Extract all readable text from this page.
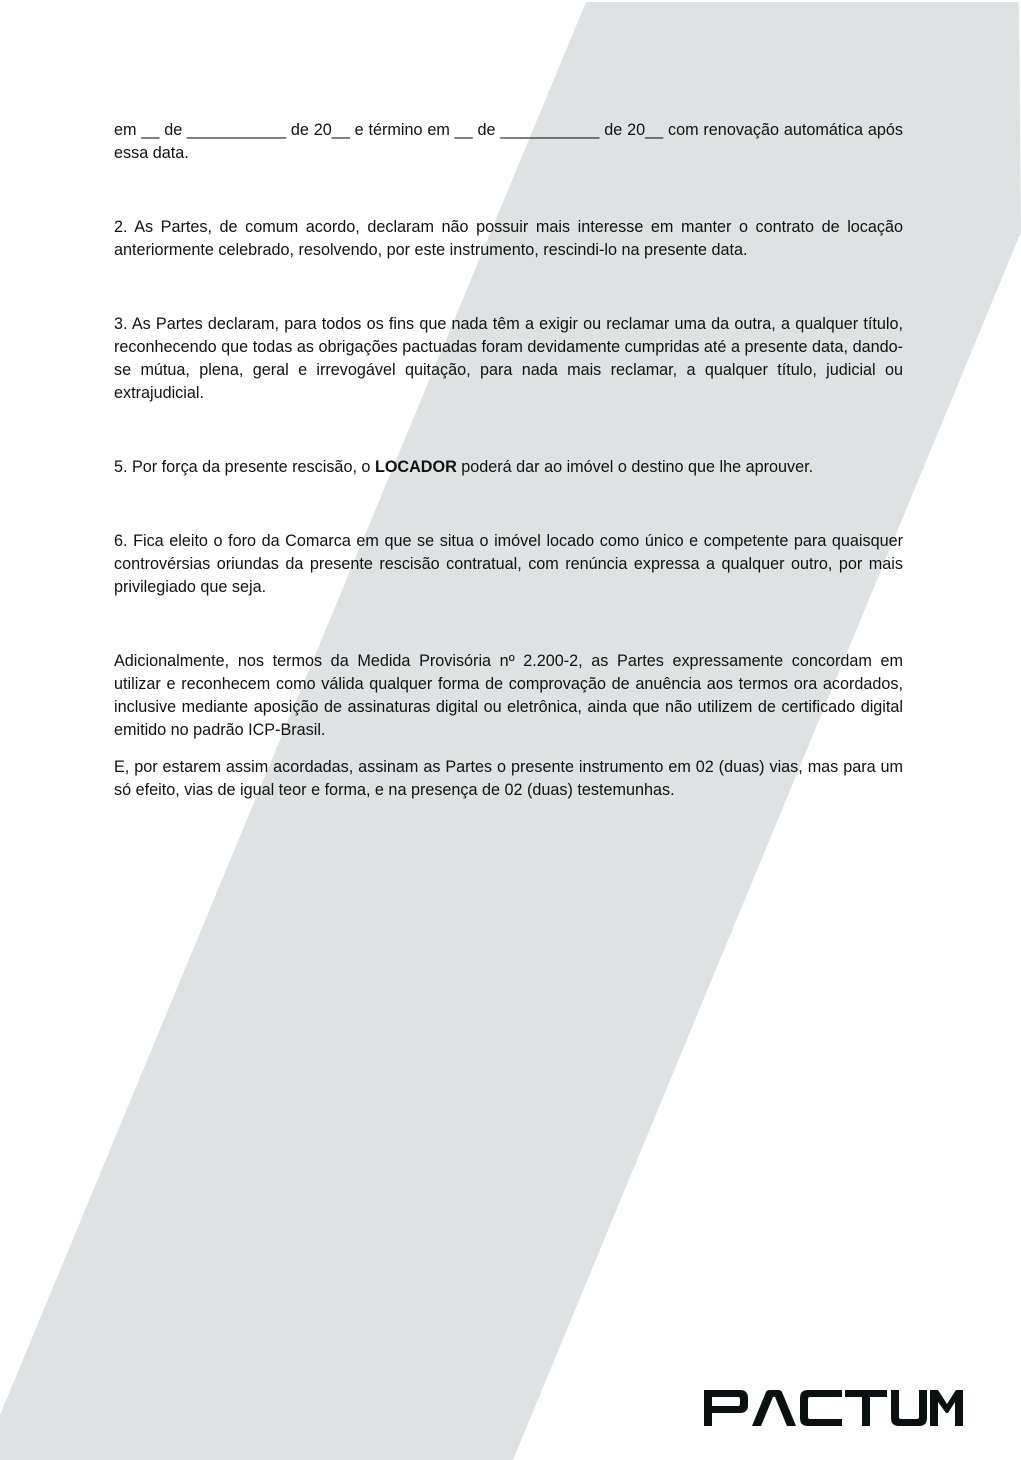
em __ de ___________ de 20__ e término em __ de ___________ de 20__ com renovação automática após essa data.

2. As Partes, de comum acordo, declaram não possuir mais interesse em manter o contrato de locação anteriormente celebrado, resolvendo, por este instrumento, rescindi-lo na presente data.

3. As Partes declaram, para todos os fins que nada têm a exigir ou reclamar uma da outra, a qualquer título, reconhecendo que todas as obrigações pactuadas foram devidamente cumpridas até a presente data, dando-se mútua, plena, geral e irrevogável quitação, para nada mais reclamar, a qualquer título, judicial ou extrajudicial.

5. Por força da presente rescisão, o LOCADOR poderá dar ao imóvel o destino que lhe aprouver.

6. Fica eleito o foro da Comarca em que se situa o imóvel locado como único e competente para quaisquer controvérsias oriundas da presente rescisão contratual, com renúncia expressa a qualquer outro, por mais privilegiado que seja.

Adicionalmente, nos termos da Medida Provisória nº 2.200-2, as Partes expressamente concordam em utilizar e reconhecem como válida qualquer forma de comprovação de anuência aos termos ora acordados, inclusive mediante aposição de assinaturas digital ou eletrônica, ainda que não utilizem de certificado digital emitido no padrão ICP-Brasil.

E, por estarem assim acordadas, assinam as Partes o presente instrumento em 02 (duas) vias, mas para um só efeito, vias de igual teor e forma, e na presença de 02 (duas) testemunhas.
